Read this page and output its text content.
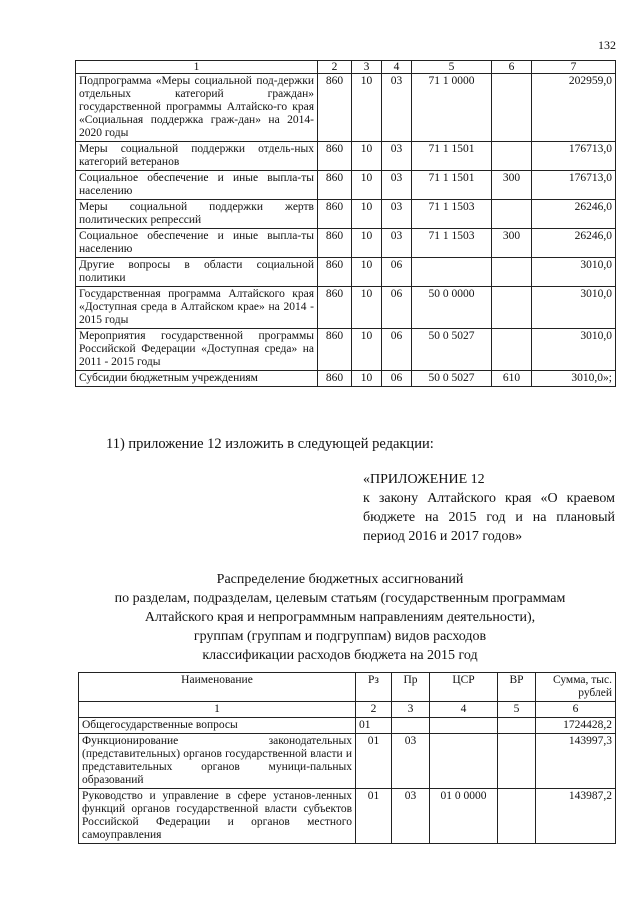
132
1	2	3	4	5	6	7
Подпрограмма «Меры социальной под-держки отдельных категорий граждан» государственной программы Алтайско-го края «Социальная поддержка граж-дан» на 2014-2020 годы	860	10	03	71 1 0000		202959,0
Меры социальной поддержки отдель-ных категорий ветеранов	860	10	03	71 1 1501		176713,0
Социальное обеспечение и иные выпла-ты населению	860	10	03	71 1 1501	300	176713,0
Меры социальной поддержки жертв политических репрессий	860	10	03	71 1 1503		26246,0
Социальное обеспечение и иные выпла-ты населению	860	10	03	71 1 1503	300	26246,0
Другие вопросы в области социальной политики	860	10	06			3010,0
Государственная программа Алтайского края «Доступная среда в Алтайском крае» на 2014 - 2015 годы	860	10	06	50 0 0000		3010,0
Мероприятия государственной программы Российской Федерации «Доступная среда» на 2011 - 2015 годы	860	10	06	50 0 5027		3010,0
Субсидии бюджетным учреждениям	860	10	06	50 0 5027	610	3010,0»;
11) приложение 12 изложить в следующей редакции:
«ПРИЛОЖЕНИЕ 12
к закону Алтайского края «О краевом бюджете на 2015 год и на плановый период 2016 и 2017 годов»
Распределение бюджетных ассигнований
по разделам, подразделам, целевым статьям (государственным программам
Алтайского края и непрограммным направлениям деятельности),
группам (группам и подгруппам) видов расходов
классификации расходов бюджета на 2015 год
Наименование	Рз	Пр	ЦСР	ВР	Сумма, тыс. рублей
1	2	3	4	5	6
Общегосударственные вопросы	01				1724428,2
Функционирование законодательных (представительных) органов государственной власти и представительных органов муници-пальных образований	01	03			143997,3
Руководство и управление в сфере установ-ленных функций органов государственной власти субъектов Российской Федерации и органов местного самоуправления	01	03	01 0 0000		143987,2
